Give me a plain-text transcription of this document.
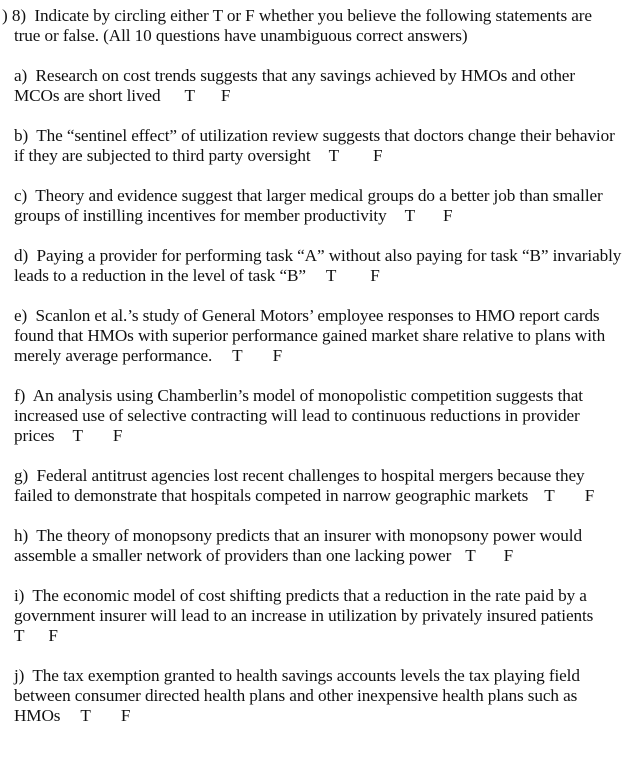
) 8)  Indicate by circling either T or F whether you believe the following statements are
true or false. (All 10 questions have unambiguous correct answers)
a)  Research on cost trends suggests that any savings achieved by HMOs and other
MCOs are short lived T F
b)  The “sentinel effect” of utilization review suggests that doctors change their behavior
if they are subjected to third party oversight T F
c)  Theory and evidence suggest that larger medical groups do a better job than smaller
groups of instilling incentives for member productivity T F
d)  Paying a provider for performing task “A” without also paying for task “B” invariably
leads to a reduction in the level of task “B” T F
e)  Scanlon et al.’s study of General Motors’ employee responses to HMO report cards
found that HMOs with superior performance gained market share relative to plans with
merely average performance. T F
f)  An analysis using Chamberlin’s model of monopolistic competition suggests that
increased use of selective contracting will lead to continuous reductions in provider
prices T F
g)  Federal antitrust agencies lost recent challenges to hospital mergers because they
failed to demonstrate that hospitals competed in narrow geographic markets T F
h)  The theory of monopsony predicts that an insurer with monopsony power would
assemble a smaller network of providers than one lacking power T F
i)  The economic model of cost shifting predicts that a reduction in the rate paid by a
government insurer will lead to an increase in utilization by privately insured patients
T F
j)  The tax exemption granted to health savings accounts levels the tax playing field
between consumer directed health plans and other inexpensive health plans such as
HMOs T F
